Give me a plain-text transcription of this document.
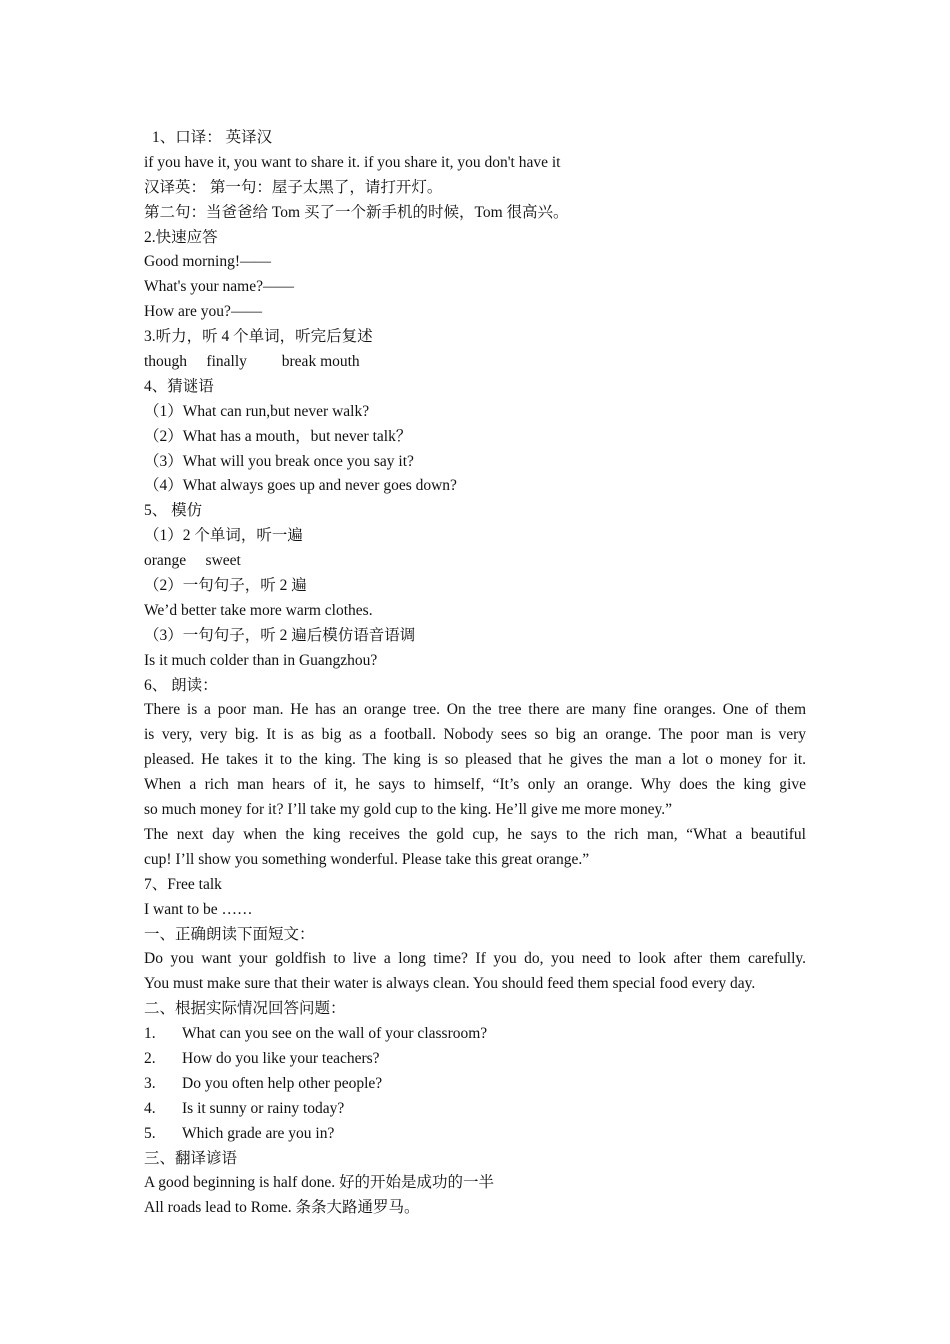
1、口译： 英译汉
if you have it, you want to share it. if you share it, you don't have it
汉译英： 第一句：屋子太黑了，请打开灯。
第二句：当爸爸给 Tom 买了一个新手机的时候，Tom 很高兴。
2.快速应答
Good morning!——
What's your name?——
How are you?——
3.听力，听 4 个单词，听完后复述
though     finally         break mouth
4、猜谜语
（1）What can run,but never walk?
（2）What has a mouth，but never talk？
（3）What will you break once you say it?
（4）What always goes up and never goes down?
5、 模仿
（1）2 个单词，听一遍
orange     sweet
（2）一句句子，听 2 遍
We’d better take more warm clothes.
（3）一句句子，听 2 遍后模仿语音语调
Is it much colder than in Guangzhou?
6、 朗读：
There is a poor man. He has an orange tree. On the tree there are many fine oranges. One of them
is very, very big. It is as big as a football. Nobody sees so big an orange. The poor man is very
pleased. He takes it to the king. The king is so pleased that he gives the man a lot o money for it.
When a rich man hears of it, he says to himself, “It’s only an orange. Why does the king give
so much money for it? I’ll take my gold cup to the king. He’ll give me more money.”
The next day when the king receives the gold cup, he says to the rich man, “What a beautiful
cup! I’ll show you something wonderful. Please take this great orange.”
7、Free talk
I want to be ……
一、正确朗读下面短文：
Do you want your goldfish to live a long time? If you do, you need to look after them carefully.
You must make sure that their water is always clean. You should feed them special food every day.
二、根据实际情况回答问题：
1. What can you see on the wall of your classroom?
2. How do you like your teachers?
3. Do you often help other people?
4. Is it sunny or rainy today?
5. Which grade are you in?
三、翻译谚语
A good beginning is half done. 好的开始是成功的一半
All roads lead to Rome. 条条大路通罗马。
